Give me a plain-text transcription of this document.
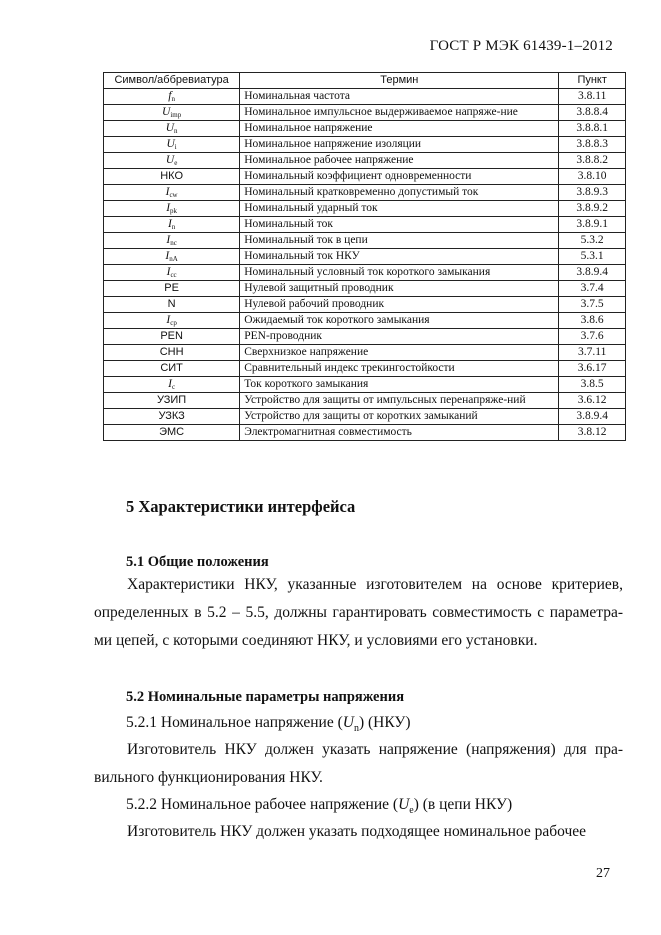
ГОСТ Р МЭК 61439-1–2012
Символ/аббревиатура	Термин	Пункт
$f_n$	Номинальная частота	3.8.11
$U_{imp}$	Номинальное импульсное выдерживаемое напряже-ние	3.8.8.4
$U_n$	Номинальное напряжение	3.8.8.1
$U_i$	Номинальное напряжение изоляции	3.8.8.3
$U_e$	Номинальное рабочее напряжение	3.8.8.2
НКО	Номинальный коэффициент одновременности	3.8.10
$I_{cw}$	Номинальный кратковременно допустимый ток	3.8.9.3
$I_{pk}$	Номинальный ударный ток	3.8.9.2
$I_n$	Номинальный ток	3.8.9.1
$I_{nc}$	Номинальный ток в цепи	5.3.2
$I_{nA}$	Номинальный ток НКУ	5.3.1
$I_{cc}$	Номинальный условный ток короткого замыкания	3.8.9.4
PE	Нулевой защитный проводник	3.7.4
N	Нулевой рабочий проводник	3.7.5
$I_{cp}$	Ожидаемый ток короткого замыкания	3.8.6
PEN	PEN-проводник	3.7.6
СНН	Сверхнизкое напряжение	3.7.11
СИТ	Сравнительный индекс трекингостойкости	3.6.17
$I_c$	Ток короткого замыкания	3.8.5
УЗИП	Устройство для защиты от импульсных перенапряже-ний	3.6.12
УЗКЗ	Устройство для защиты от коротких замыканий	3.8.9.4
ЭМС	Электромагнитная совместимость	3.8.12
5 Характеристики интерфейса
5.1 Общие положения

Характеристики НКУ, указанные изготовителем на основе критериев, определенных в 5.2 – 5.5, должны гарантировать совместимость с параметра-ми цепей, с которыми соединяют НКУ, и условиями его установки.

5.2 Номинальные параметры напряжения
5.2.1 Номинальное напряжение $(U_n)$ (НКУ)

Изготовитель НКУ должен указать напряжение (напряжения) для пра-вильного функционирования НКУ.

5.2.2 Номинальное рабочее напряжение $(U_e)$ (в цепи НКУ)

Изготовитель НКУ должен указать подходящее номинальное рабочее

27
